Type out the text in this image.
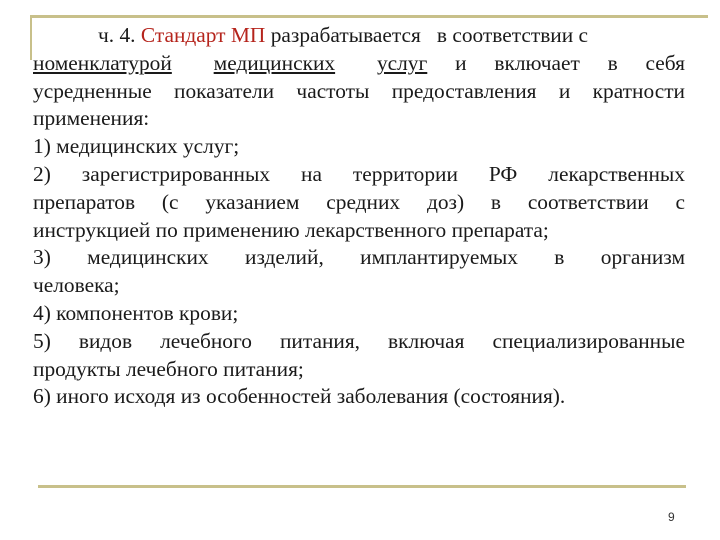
ч. 4. Стандарт МП разрабатывается   в соответствии с
номенклатурой медицинских услуг и включает в себя
усредненные показатели частоты предоставления и кратности
применения:
1) медицинских услуг;
2) зарегистрированных на территории РФ лекарственных
препаратов (с указанием средних доз) в соответствии с
инструкцией по применению лекарственного препарата;
3) медицинских изделий, имплантируемых в организм
человека;
4) компонентов крови;
5) видов лечебного питания, включая специализированные
продукты лечебного питания;
6) иного исходя из особенностей заболевания (состояния).
9
